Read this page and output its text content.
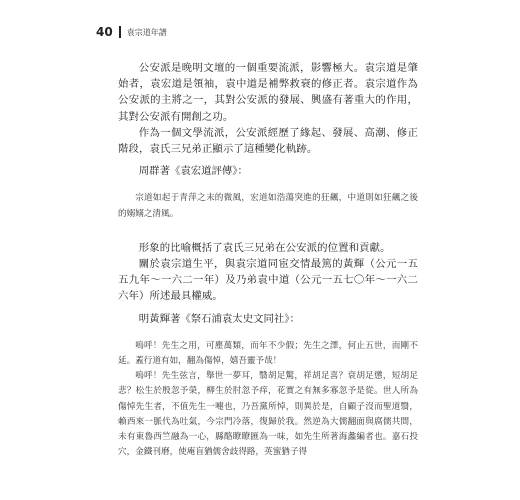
40 袁宗道年譜

公安派是晚明文壇的一個重要流派，影響極大。袁宗道是肇始者，袁宏道是領袖，袁中道是補弊救衰的修正者。袁宗道作為公安派的主將之一，其對公安派的發展、興盛有著重大的作用，其對公安派有開創之功。

作為一個文學流派，公安派經歷了緣起、發展、高潮、修正階段，袁氏三兄弟正顯示了這種變化軌跡。

周群著《袁宏道評傳》：

宗道如起于青萍之末的微風，宏道如浩蕩突進的狂飆，中道則如狂飆之後的嫋嫋之清風。

形象的比喻概括了袁氏三兄弟在公安派的位置和貢獻。

關於袁宗道生平，與袁宗道同宦交情最篤的黃輝（公元一五五九年～一六二一年）及乃弟袁中道（公元一五七〇年～一六二六年）所述最具權威。

明黃輝著《祭石浦袁太史文同社》：

嗚呼！先生之用，可塵萬類，而年不少假；先生之澤，何止五世，而剛不延。蓋行道有如，翻為傷悼，嬉吾靈予哉！

嗚呼！先生弦言，舉世一夢耳，翳胡足驚，祥胡足喜？衰胡足懲，短胡足悲？松生於殷忽予榮，柳生於肘忽予痒，花實之有無多寡忽予是從。世人所為傷悼先生者，不值先生一嚏也，乃吾黨所悼，則異於是，自顧子沒而聖道翳，賴西來一脈代為吐氣，今宗門冷落，復歸於我。然逆為大儒翻面與腐儒共間，未有東魯西竺融為一心，縣酪瞭瞭匯為一味，如先生所著海蠡編者也。嘉石投穴，金鐵刊磨，使庵盲猶儒舍歧得路，英蜜猶子得
